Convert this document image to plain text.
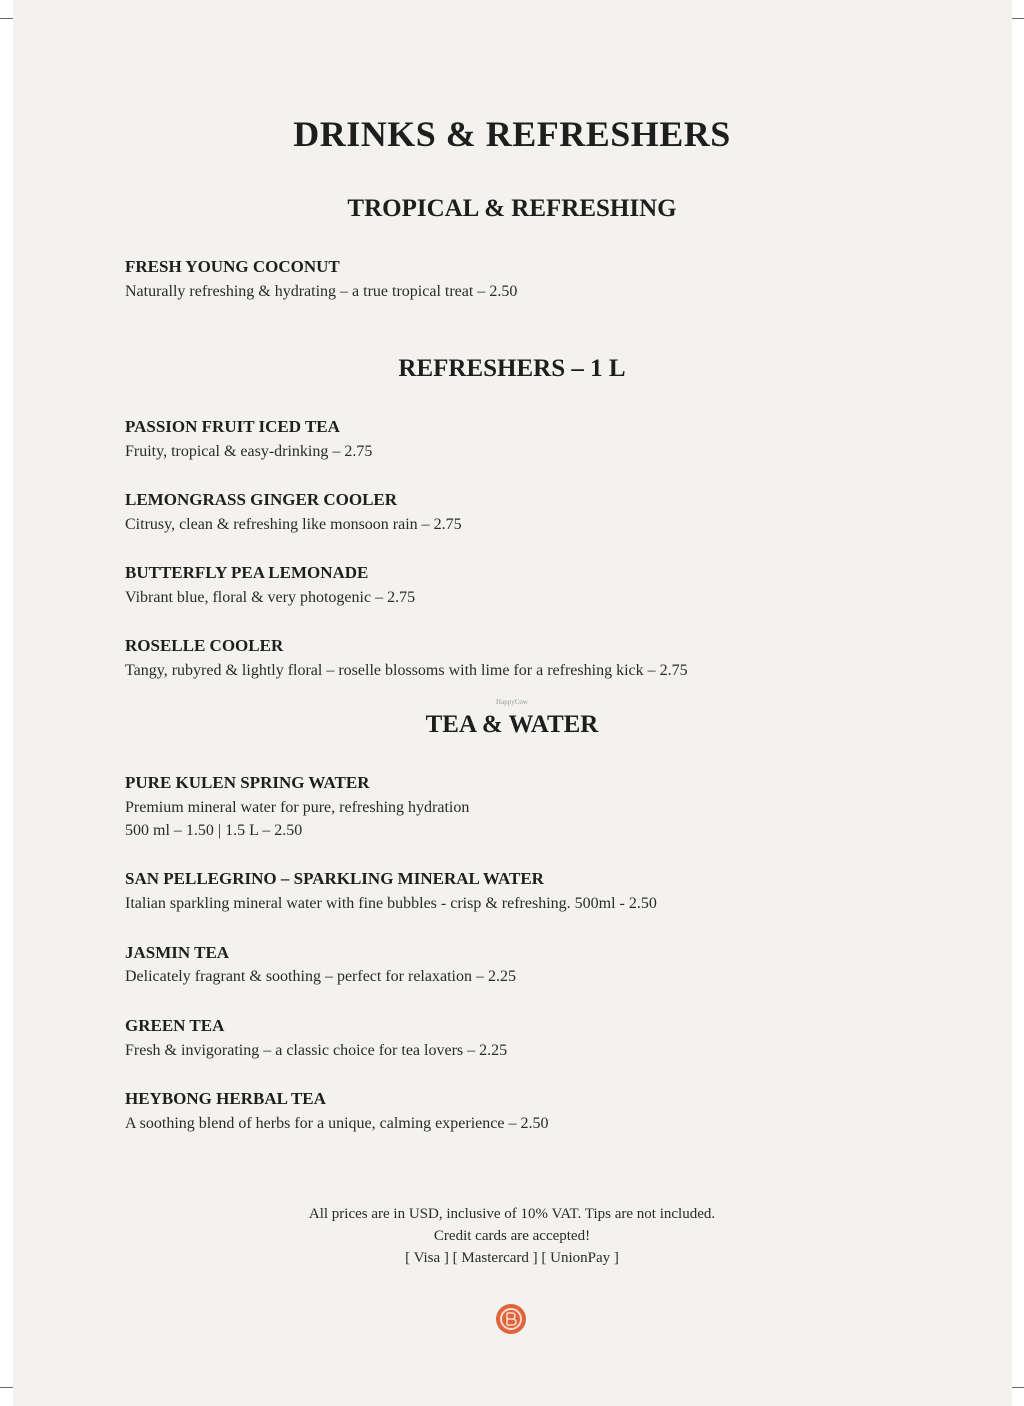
DRINKS & REFRESHERS
TROPICAL & REFRESHING
FRESH YOUNG COCONUT
Naturally refreshing & hydrating – a true tropical treat – 2.50
REFRESHERS – 1 L
PASSION FRUIT ICED TEA
Fruity, tropical & easy-drinking – 2.75
LEMONGRASS GINGER COOLER
Citrusy, clean & refreshing like monsoon rain – 2.75
BUTTERFLY PEA LEMONADE
Vibrant blue, floral & very photogenic – 2.75
ROSELLE COOLER
Tangy, rubyred & lightly floral – roselle blossoms with lime for a refreshing kick – 2.75
HappyCow
TEA & WATER
PURE KULEN SPRING WATER
Premium mineral water for pure, refreshing hydration
500 ml – 1.50 | 1.5 L – 2.50
SAN PELLEGRINO – SPARKLING MINERAL WATER
Italian sparkling mineral water with fine bubbles - crisp & refreshing. 500ml - 2.50
JASMIN TEA
Delicately fragrant & soothing – perfect for relaxation – 2.25
GREEN TEA
Fresh & invigorating – a classic choice for tea lovers – 2.25
HEYBONG HERBAL TEA
A soothing blend of herbs for a unique, calming experience – 2.50
All prices are in USD, inclusive of 10% VAT. Tips are not included.
Credit cards are accepted!
[ Visa ] [ Mastercard ] [ UnionPay ]
